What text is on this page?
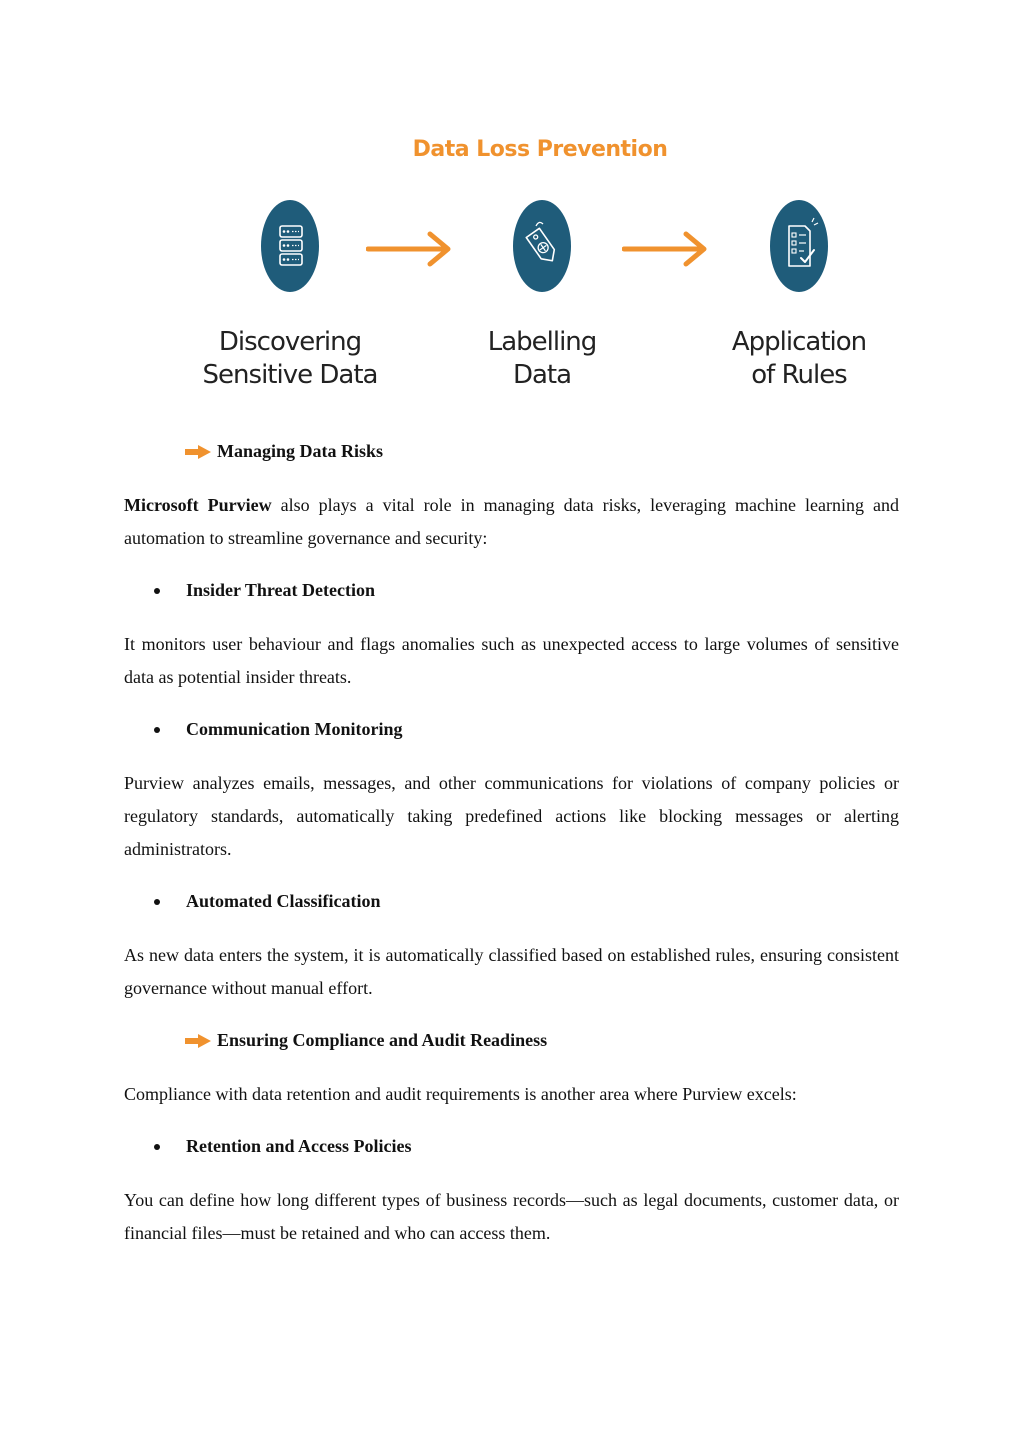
Data Loss Prevention
Discovering
Sensitive Data
Labelling
Data
Application
of Rules
Managing Data Risks
Microsoft Purview also plays a vital role in managing data risks, leveraging machine learning and automation to streamline governance and security:
Insider Threat Detection
It monitors user behaviour and flags anomalies such as unexpected access to large volumes of sensitive data as potential insider threats.
Communication Monitoring
Purview analyzes emails, messages, and other communications for violations of company policies or regulatory standards, automatically taking predefined actions like blocking messages or alerting administrators.
Automated Classification
As new data enters the system, it is automatically classified based on established rules, ensuring consistent governance without manual effort.
Ensuring Compliance and Audit Readiness
Compliance with data retention and audit requirements is another area where Purview excels:
Retention and Access Policies
You can define how long different types of business records—such as legal documents, customer data, or financial files—must be retained and who can access them.
